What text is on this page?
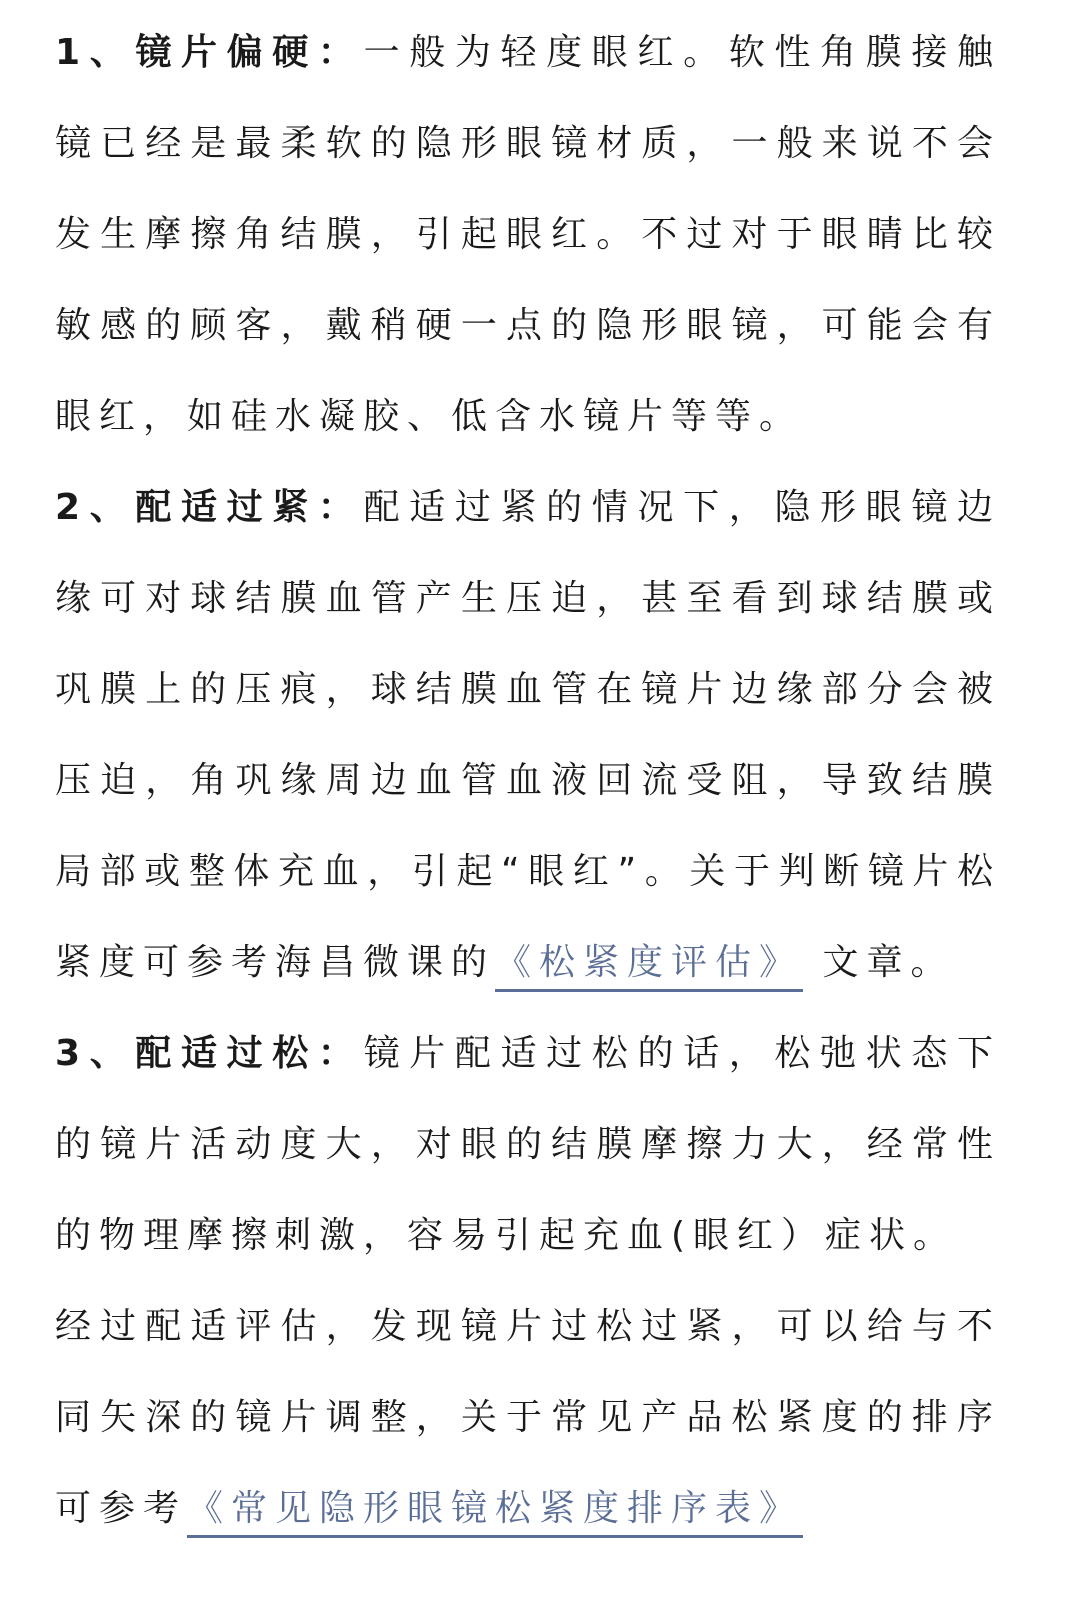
1、镜片偏硬：一般为轻度眼红。软性角膜接触
镜已经是最柔软的隐形眼镜材质，一般来说不会
发生摩擦角结膜，引起眼红。不过对于眼睛比较
敏感的顾客，戴稍硬一点的隐形眼镜，可能会有
眼红，如硅水凝胶、低含水镜片等等。
2、配适过紧：配适过紧的情况下，隐形眼镜边
缘可对球结膜血管产生压迫，甚至看到球结膜或
巩膜上的压痕，球结膜血管在镜片边缘部分会被
压迫，角巩缘周边血管血液回流受阻，导致结膜
局部或整体充血，引起“眼红”。关于判断镜片松
紧度可参考海昌微课的《松紧度评估》 文章。
3、配适过松：镜片配适过松的话，松弛状态下
的镜片活动度大，对眼的结膜摩擦力大，经常性
的物理摩擦刺激，容易引起充血(眼红）症状。
经过配适评估，发现镜片过松过紧，可以给与不
同矢深的镜片调整，关于常见产品松紧度的排序
可参考《常见隐形眼镜松紧度排序表》
